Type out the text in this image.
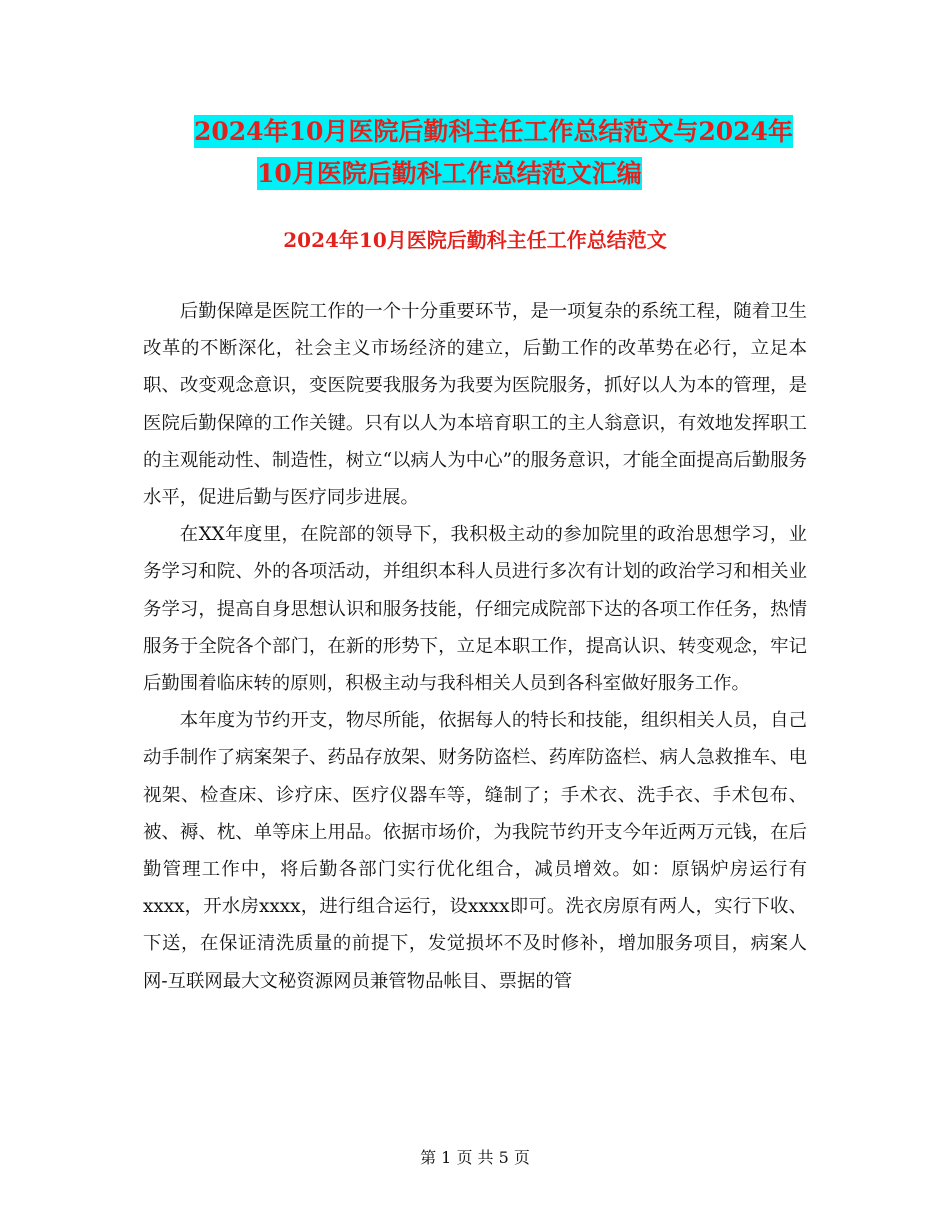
2024年10月医院后勤科主任工作总结范文与2024年
10月医院后勤科工作总结范文汇编
2024年10月医院后勤科主任工作总结范文

后勤保障是医院工作的一个十分重要环节，是一项复杂的系统工程，随着卫生改革的不断深化，社会主义市场经济的建立，后勤工作的改革势在必行，立足本职、改变观念意识，变医院要我服务为我要为医院服务，抓好以人为本的管理，是医院后勤保障的工作关键。只有以人为本培育职工的主人翁意识，有效地发挥职工的主观能动性、制造性，树立“以病人为中心”的服务意识，才能全面提高后勤服务水平，促进后勤与医疗同步进展。

在XX年度里，在院部的领导下，我积极主动的参加院里的政治思想学习，业务学习和院、外的各项活动，并组织本科人员进行多次有计划的政治学习和相关业务学习，提高自身思想认识和服务技能，仔细完成院部下达的各项工作任务，热情服务于全院各个部门，在新的形势下，立足本职工作，提高认识、转变观念，牢记后勤围着临床转的原则，积极主动与我科相关人员到各科室做好服务工作。

本年度为节约开支，物尽所能，依据每人的特长和技能，组织相关人员，自己动手制作了病案架子、药品存放架、财务防盗栏、药库防盗栏、病人急救推车、电视架、检查床、诊疗床、医疗仪器车等，缝制了；手术衣、洗手衣、手术包布、被、褥、枕、单等床上用品。依据市场价，为我院节约开支今年近两万元钱，在后勤管理工作中，将后勤各部门实行优化组合，减员增效。如：原锅炉房运行有xxxx，开水房xxxx，进行组合运行，设xxxx即可。洗衣房原有两人，实行下收、下送，在保证清洗质量的前提下，发觉损坏不及时修补，增加服务项目，病案人网-互联网最大文秘资源网员兼管物品帐目、票据的管

第 1 页 共 5 页
